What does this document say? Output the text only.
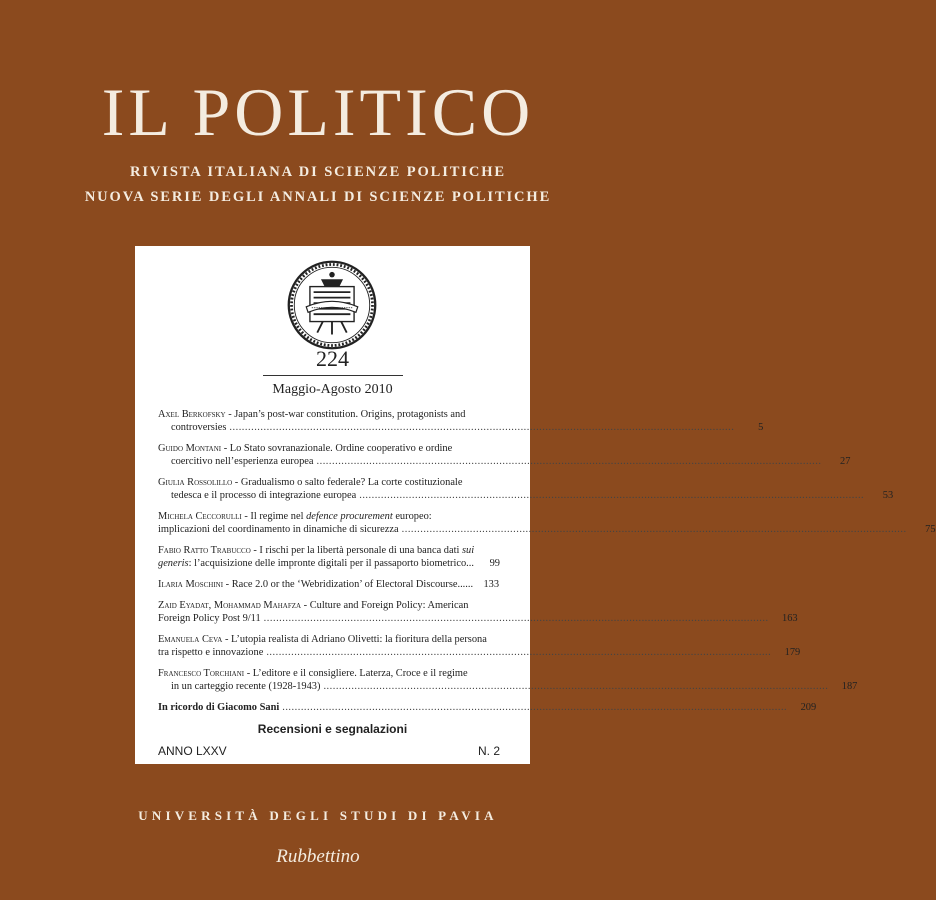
IL POLITICO
RIVISTA ITALIANA DI SCIENZE POLITICHE
NUOVA SERIE DEGLI ANNALI DI SCIENZE POLITICHE
224
Maggio-Agosto 2010
Axel Berkofsky - Japan’s post-war constitution. Origins, protagonists and
controversies .....	5
Guido Montani - Lo Stato sovranazionale. Ordine cooperativo e ordine
coercitivo nell’esperienza europea .....	27
Giulia Rossolillo - Gradualismo o salto federale? La corte costituzionale
tedesca e il processo di integrazione europea .....	53
Michela Ceccorulli - Il regime nel defence procurement europeo:
implicazioni del coordinamento in dinamiche di sicurezza .....	75
Fabio Ratto Trabucco - I rischi per la libertà personale di una banca dati sui
generis: l’acquisizione delle impronte digitali per il passaporto biometrico...	99
Ilaria Moschini - Race 2.0 or the ‘Webridization’ of Electoral Discourse......	133
Zaid Eyadat, Mohammad Mahafza - Culture and Foreign Policy: American
Foreign Policy Post 9/11 .....	163
Emanuela Ceva - L’utopia realista di Adriano Olivetti: la fioritura della persona
tra rispetto e innovazione .....	179
Francesco Torchiani - L’editore e il consigliere. Laterza, Croce e il regime
in un carteggio recente (1928-1943) .....	187
In ricordo di Giacomo Sani .....	209
Recensioni e segnalazioni
ANNO LXXV	N. 2
UNIVERSITÀ DEGLI STUDI DI PAVIA
Rubbettino
